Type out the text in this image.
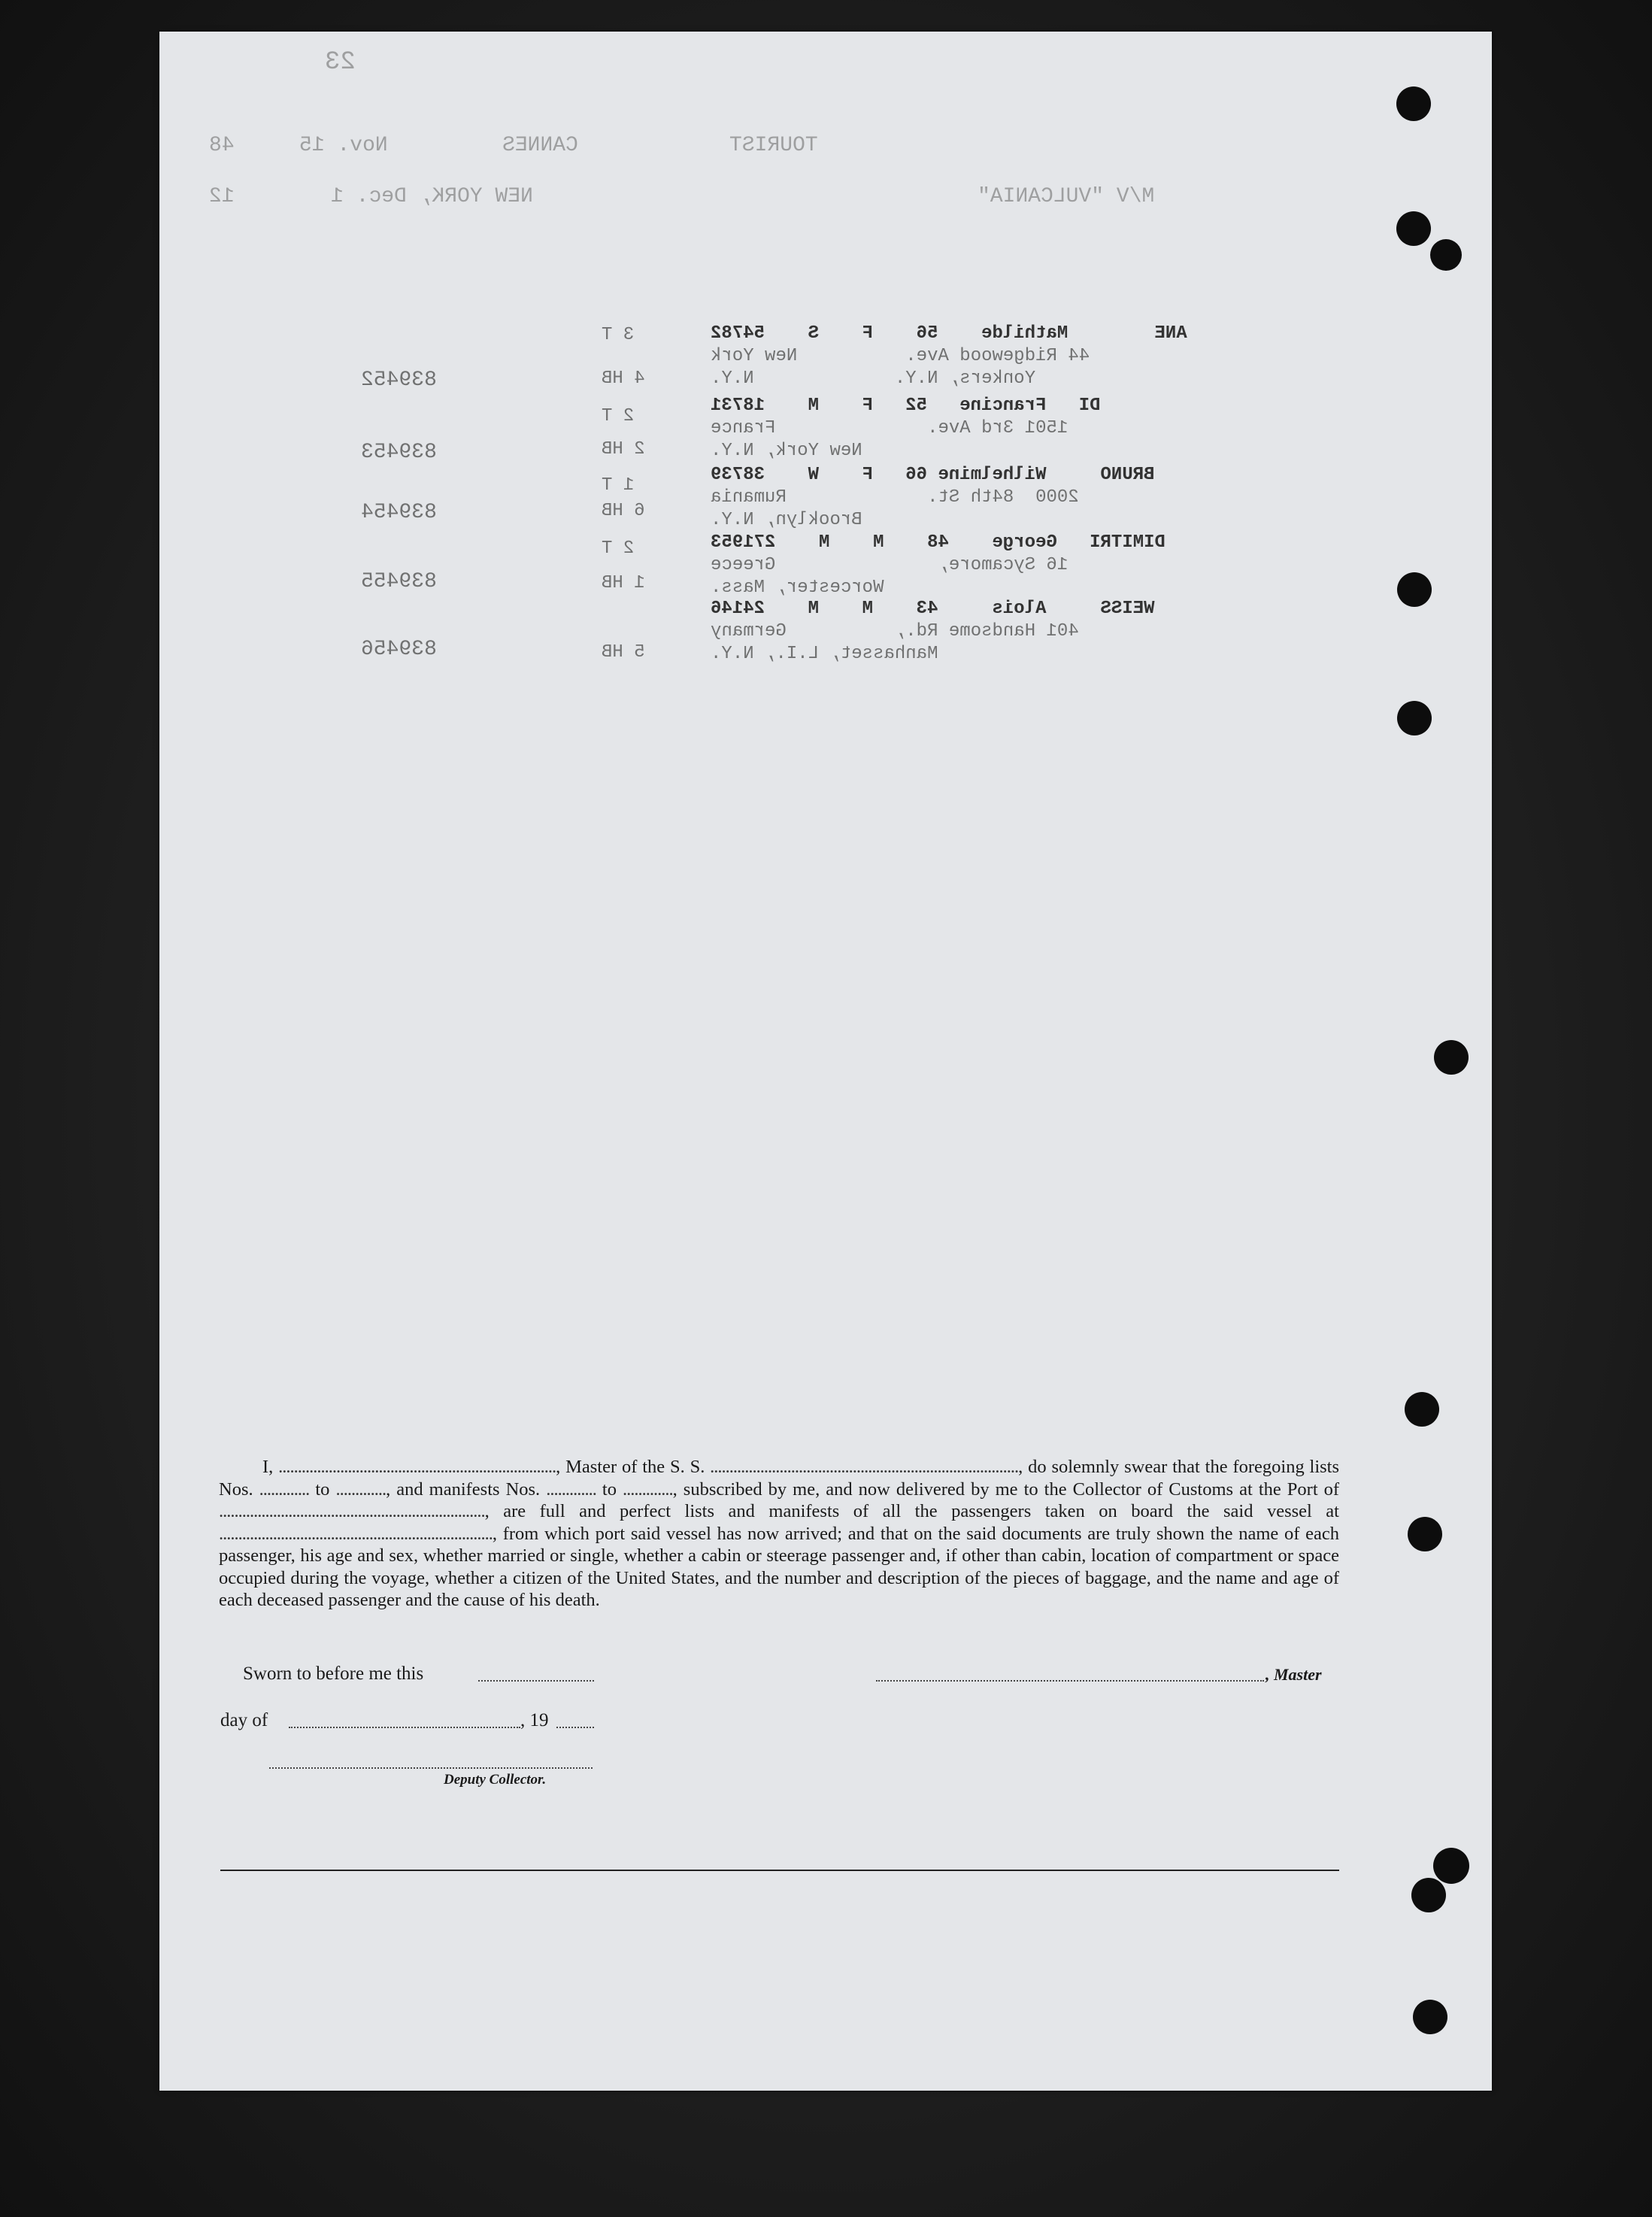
23
TOURIST
CANNES
Nov. 15
48
M/V "VULCANIA"
NEW YORK, Dec. 1
12
ANE        Mathilde    56    F    S    54782
44 Ridgewood Ave.          New York
Yonkers, N.Y.             N.Y.
3 T
4 HB
839452
DI   Francine   52   F    M    18731
1501 3rd Ave.              France
New York, N.Y.
2 T
2 HB
839453
BRUNO     Wilhelmine 66   F    W    38739
2000  84th St.             Rumania
Brooklyn, N.Y.
1 T
6 HB
839454
DIMITRI   George    48    M    M    271953
16 Sycamore,               Greece
Worcester, Mass.
2 T
1 HB
839455
WEISS     Alois     43    M    M    24146
401 Handsome Rd.,          Germany
Manhasset, L.I., N.Y.
5 HB
839456
I, ........................................................................, Master of the S. S. ................................................................................, do solemnly swear that the foregoing lists Nos. ............. to ............., and manifests Nos. ............. to ............., subscribed by me, and now delivered by me to the Collector of Customs at the Port of ....................................................................., are full and perfect lists and manifests of all the passengers taken on board the said vessel at ......................................................................., from which port said vessel has now arrived; and that on the said documents are truly shown the name of each passenger, his age and sex, whether married or single, whether a cabin or steerage passenger and, if other than cabin, location of compartment or space occupied during the voyage, whether a citizen of the United States, and the number and description of the pieces of baggage, and the name and age of each deceased passenger and the cause of his death.
Sworn to before me this	, Master
day of	, 19
Deputy Collector.
